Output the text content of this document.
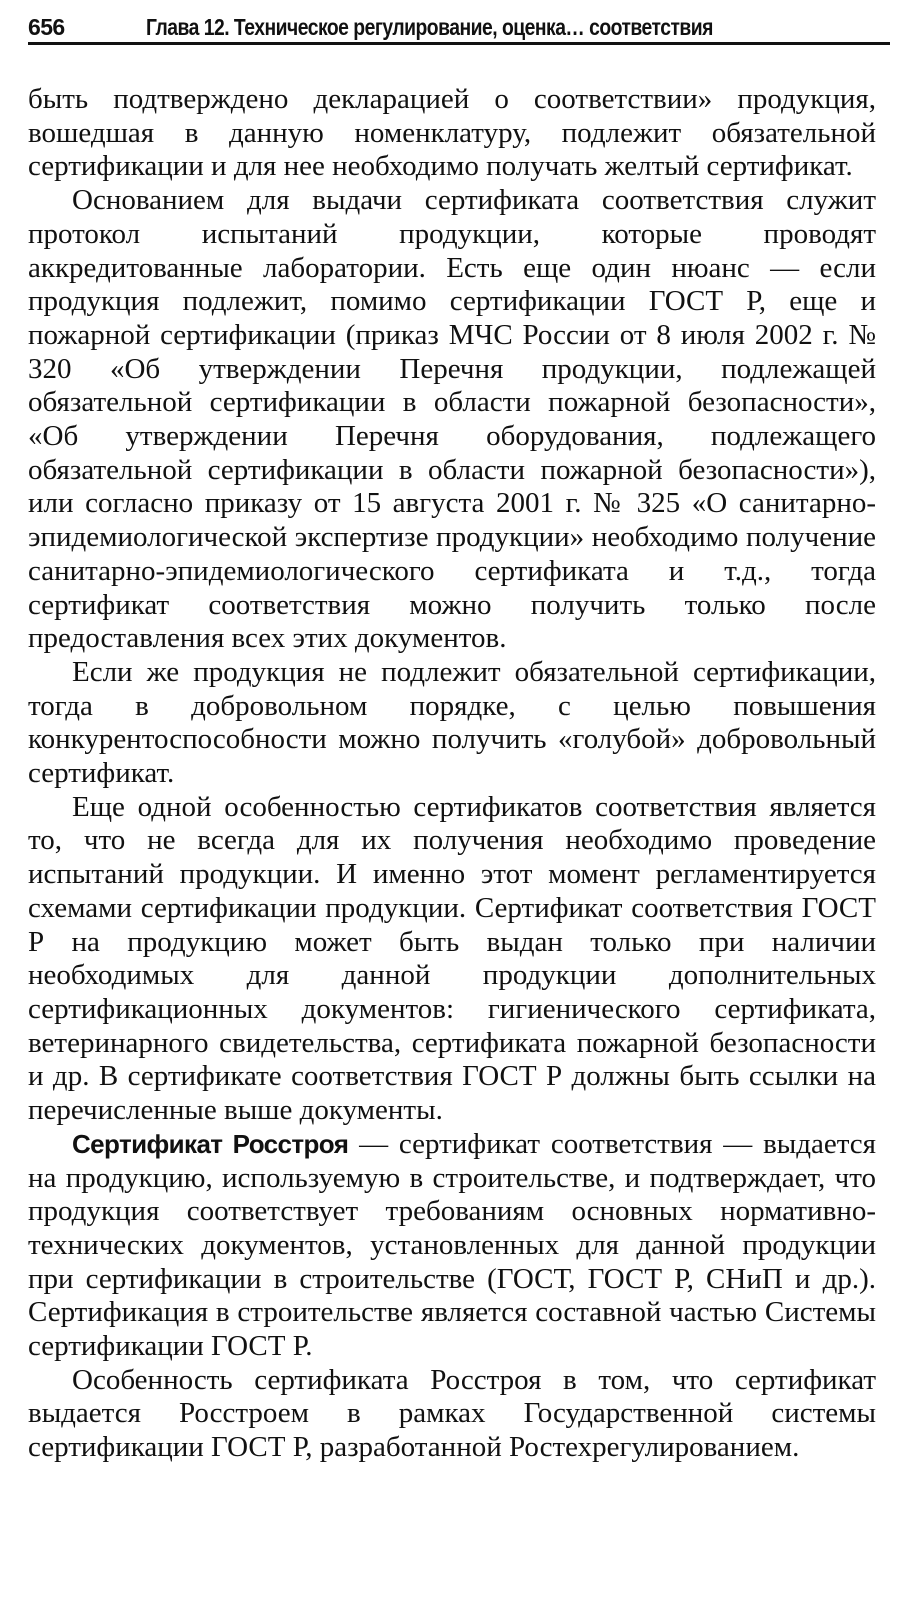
656	Глава 12. Техническое регулирование, оценка… соответствия

быть подтверждено декларацией о соответствии» продукция, вошедшая в данную номенклатуру, подлежит обязательной сертификации и для нее необходимо получать желтый сертификат.

Основанием для выдачи сертификата соответствия служит протокол испытаний продукции, которые проводят аккредитованные лаборатории. Есть еще один нюанс — если продукция подлежит, помимо сертификации ГОСТ Р, еще и пожарной сертификации (приказ МЧС России от 8 июля 2002 г. № 320 «Об утверждении Перечня продукции, подлежащей обязательной сертификации в области пожарной безопасности», «Об утверждении Перечня оборудования, подлежащего обязательной сертификации в области пожарной безопасности»), или согласно приказу от 15 августа 2001 г. № 325 «О санитарно-эпидемиологической экспертизе продукции» необходимо получение санитарно-эпидемиологического сертификата и т.д., тогда сертификат соответствия можно получить только после предоставления всех этих документов.

Если же продукция не подлежит обязательной сертификации, тогда в добровольном порядке, с целью повышения конкурентоспособности можно получить «голубой» добровольный сертификат.

Еще одной особенностью сертификатов соответствия является то, что не всегда для их получения необходимо проведение испытаний продукции. И именно этот момент регламентируется схемами сертификации продукции. Сертификат соответствия ГОСТ Р на продукцию может быть выдан только при наличии необходимых для данной продукции дополнительных сертификационных документов: гигиенического сертификата, ветеринарного свидетельства, сертификата пожарной безопасности и др. В сертификате соответствия ГОСТ Р должны быть ссылки на перечисленные выше документы.

Сертификат Росстроя — сертификат соответствия — выдается на продукцию, используемую в строительстве, и подтверждает, что продукция соответствует требованиям основных нормативно-технических документов, установленных для данной продукции при сертификации в строительстве (ГОСТ, ГОСТ Р, СНиП и др.). Сертификация в строительстве является составной частью Системы сертификации ГОСТ Р.

Особенность сертификата Росстроя в том, что сертификат выдается Росстроем в рамках Государственной системы сертификации ГОСТ Р, разработанной Ростехрегулированием.
